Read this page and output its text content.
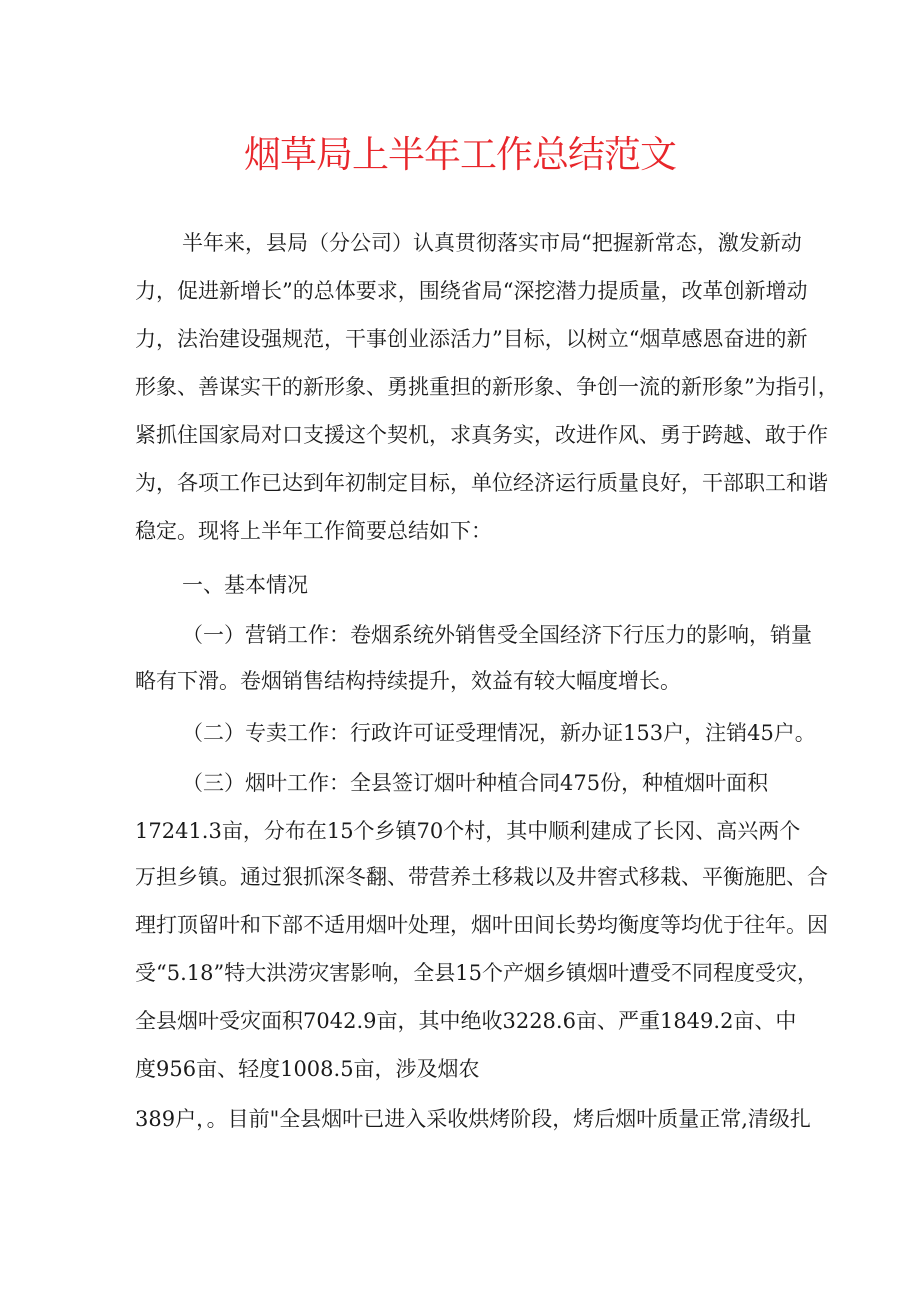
烟草局上半年工作总结范文

半年来，县局（分公司）认真贯彻落实市局“把握新常态，激发新动

力，促进新增长”的总体要求，围绕省局“深挖潜力提质量，改革创新增动

力，法治建设强规范，干事创业添活力”目标，以树立“烟草感恩奋进的新

形象、善谋实干的新形象、勇挑重担的新形象、争创一流的新形象”为指引，

紧抓住国家局对口支援这个契机，求真务实，改进作风、勇于跨越、敢于作

为，各项工作已达到年初制定目标，单位经济运行质量良好，干部职工和谐

稳定。现将上半年工作简要总结如下：

一、基本情况

（一）营销工作：卷烟系统外销售受全国经济下行压力的影响，销量

略有下滑。卷烟销售结构持续提升，效益有较大幅度增长。

（二）专卖工作：行政许可证受理情况，新办证153户，注销45户。

（三）烟叶工作：全县签订烟叶种植合同475份，种植烟叶面积

17241.3亩，分布在15个乡镇70个村，其中顺利建成了长冈、高兴两个

万担乡镇。通过狠抓深冬翻、带营养土移栽以及井窖式移栽、平衡施肥、合

理打顶留叶和下部不适用烟叶处理，烟叶田间长势均衡度等均优于往年。因

受“5.18”特大洪涝灾害影响，全县15个产烟乡镇烟叶遭受不同程度受灾，

全县烟叶受灾面积7042.9亩，其中绝收3228.6亩、严重1849.2亩、中

度956亩、轻度1008.5亩，涉及烟农

389户，。目前"全县烟叶已进入采收烘烤阶段，烤后烟叶质量正常,清级扎
